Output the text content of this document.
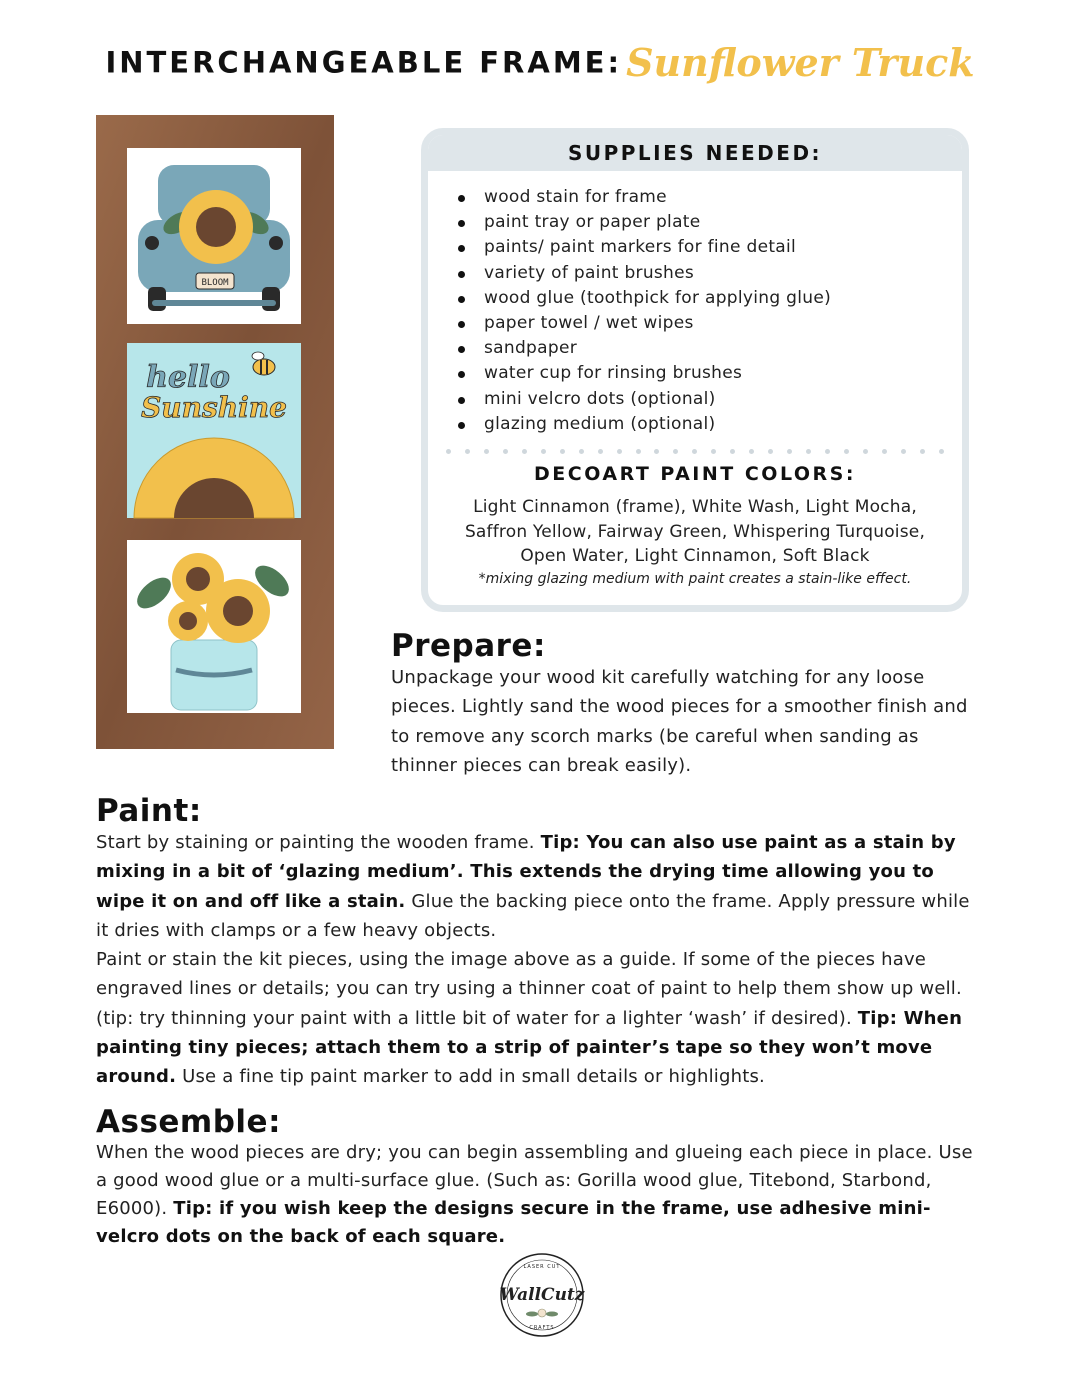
INTERCHANGEABLE FRAME: Sunflower Truck
BLOOM
hello
Sunshine
SUPPLIES NEEDED:
wood stain for frame
paint tray or paper plate
paints/ paint markers for fine detail
variety of paint brushes
wood glue (toothpick for applying glue)
paper towel / wet wipes
sandpaper
water cup for rinsing brushes
mini velcro dots (optional)
glazing medium (optional)
DECOART PAINT COLORS:
Light Cinnamon (frame), White Wash, Light Mocha, Saffron Yellow, Fairway Green, Whispering Turquoise, Open Water, Light Cinnamon, Soft Black
*mixing glazing medium with paint creates a stain-like effect.
Prepare:
Unpackage your wood kit carefully watching for any loose pieces. Lightly sand the wood pieces for a smoother finish and to remove any scorch marks (be careful when sanding as thinner pieces can break easily).
Paint:
Start by staining or painting the wooden frame. Tip: You can also use paint as a stain by mixing in a bit of ‘glazing medium’. This extends the drying time allowing you to wipe it on and off like a stain. Glue the backing piece onto the frame. Apply pressure while it dries with clamps or a few heavy objects.
Paint or stain the kit pieces, using the image above as a guide. If some of the pieces have engraved lines or details; you can try using a thinner coat of paint to help them show up well. (tip: try thinning your paint with a little bit of water for a lighter ‘wash’ if desired). Tip: When painting tiny pieces; attach them to a strip of painter’s tape so they won’t move around. Use a fine tip paint marker to add in small details or highlights.
Assemble:
When the wood pieces are dry; you can begin assembling and glueing each piece in place. Use a good wood glue or a multi-surface glue. (Such as: Gorilla wood glue, Titebond, Starbond, E6000). Tip: if you wish keep the designs secure in the frame, use adhesive mini-velcro dots on the back of each square.
LASER CUT
WallCutz
CRAFTS
